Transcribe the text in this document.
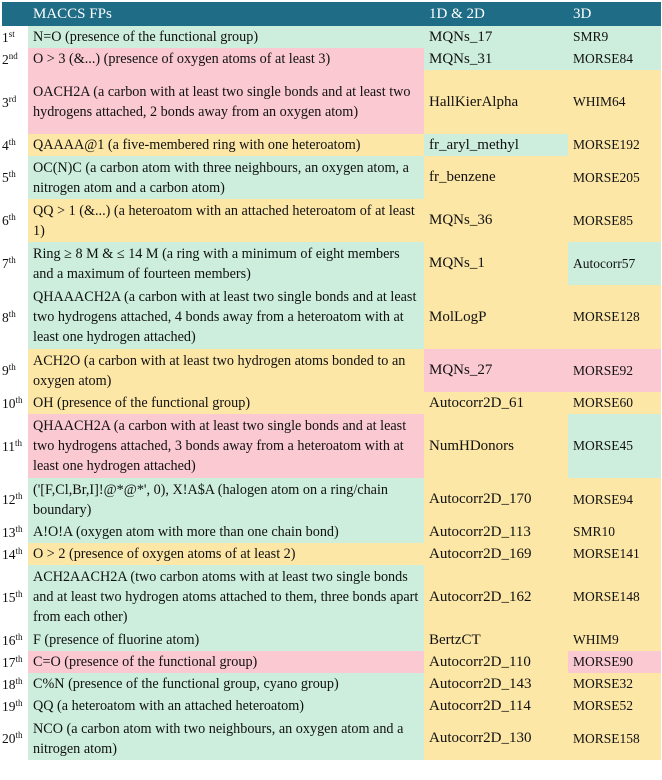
	MACCS FPs	1D & 2D	3D
1st	N=O (presence of the functional group)	MQNs_17	SMR9
2nd	O > 3 (&...) (presence of oxygen atoms of at least 3)	MQNs_31	MORSE84
3rd	OACH2A (a carbon with at least two single bonds and at least two hydrogens attached, 2 bonds away from an oxygen atom)	HallKierAlpha	WHIM64
4th	QAAAA@1 (a five-membered ring with one heteroatom)	fr_aryl_methyl	MORSE192
5th	OC(N)C (a carbon atom with three neighbours, an oxygen atom, a nitrogen atom and a carbon atom)	fr_benzene	MORSE205
6th	QQ > 1 (&...) (a heteroatom with an attached heteroatom of at least 1)	MQNs_36	MORSE85
7th	Ring ≥ 8 M & ≤ 14 M (a ring with a minimum of eight members and a maximum of fourteen members)	MQNs_1	Autocorr57
8th	QHAAACH2A (a carbon with at least two single bonds and at least two hydrogens attached, 4 bonds away from a heteroatom with at least one hydrogen attached)	MolLogP	MORSE128
9th	ACH2O (a carbon with at least two hydrogen atoms bonded to an oxygen atom)	MQNs_27	MORSE92
10th	OH (presence of the functional group)	Autocorr2D_61	MORSE60
11th	QHAACH2A (a carbon with at least two single bonds and at least two hydrogens attached, 3 bonds away from a heteroatom with at least one hydrogen attached)	NumHDonors	MORSE45
12th	('[F,Cl,Br,I]!@*@*', 0), X!A$A (halogen atom on a ring/chain boundary)	Autocorr2D_170	MORSE94
13th	A!O!A (oxygen atom with more than one chain bond)	Autocorr2D_113	SMR10
14th	O > 2 (presence of oxygen atoms of at least 2)	Autocorr2D_169	MORSE141
15th	ACH2AACH2A (two carbon atoms with at least two single bonds and at least two hydrogen atoms attached to them, three bonds apart from each other)	Autocorr2D_162	MORSE148
16th	F (presence of fluorine atom)	BertzCT	WHIM9
17th	C=O (presence of the functional group)	Autocorr2D_110	MORSE90
18th	C%N (presence of the functional group, cyano group)	Autocorr2D_143	MORSE32
19th	QQ (a heteroatom with an attached heteroatom)	Autocorr2D_114	MORSE52
20th	NCO (a carbon atom with two neighbours, an oxygen atom and a nitrogen atom)	Autocorr2D_130	MORSE158
